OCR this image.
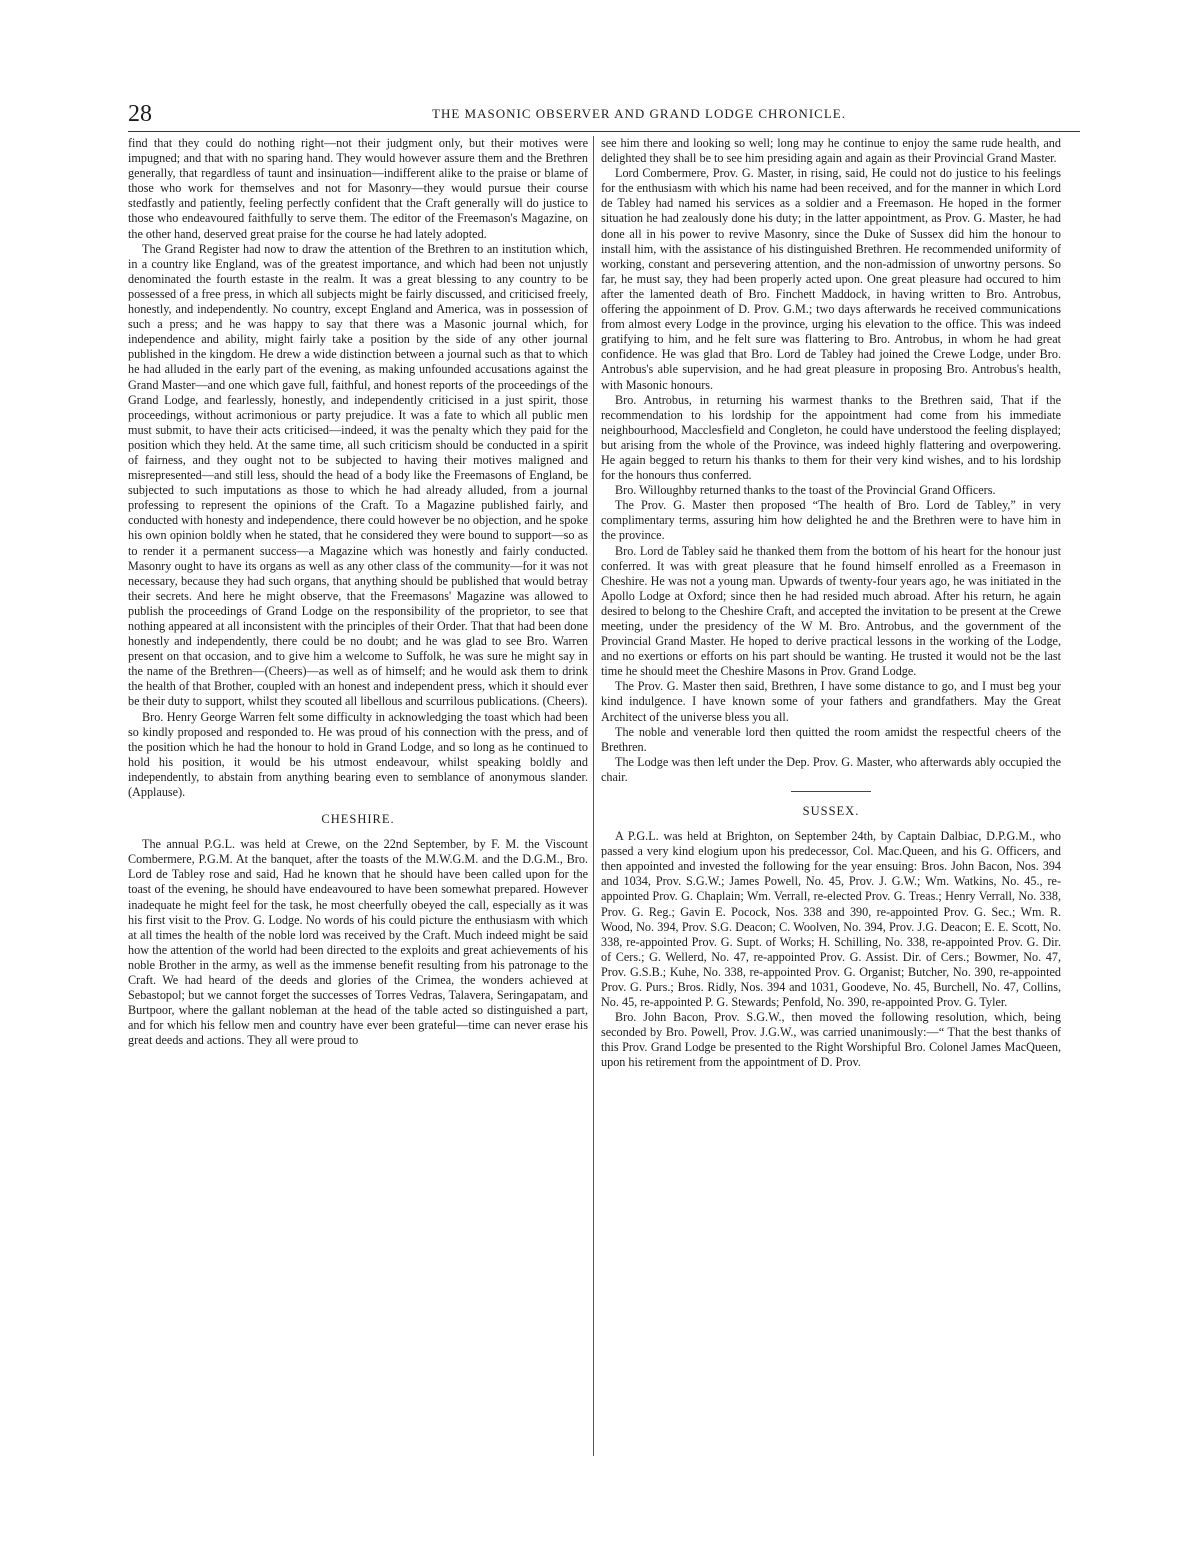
28	THE MASONIC OBSERVER AND GRAND LODGE CHRONICLE.

find that they could do nothing right—not their judgment only, but their motives were impugned; and that with no sparing hand. They would however assure them and the Brethren generally, that regardless of taunt and insinuation—indifferent alike to the praise or blame of those who work for themselves and not for Masonry—they would pursue their course stedfastly and patiently, feeling perfectly confident that the Craft generally will do justice to those who endeavoured faithfully to serve them. The editor of the Freemason's Magazine, on the other hand, deserved great praise for the course he had lately adopted.

The Grand Register had now to draw the attention of the Brethren to an institution which, in a country like England, was of the greatest importance, and which had been not unjustly denominated the fourth estaste in the realm. It was a great blessing to any country to be possessed of a free press, in which all subjects might be fairly discussed, and criticised freely, honestly, and independently. No country, except England and America, was in possession of such a press; and he was happy to say that there was a Masonic journal which, for independence and ability, might fairly take a position by the side of any other journal published in the kingdom. He drew a wide distinction between a journal such as that to which he had alluded in the early part of the evening, as making unfounded accusations against the Grand Master—and one which gave full, faithful, and honest reports of the proceedings of the Grand Lodge, and fearlessly, honestly, and independently criticised in a just spirit, those proceedings, without acrimonious or party prejudice. It was a fate to which all public men must submit, to have their acts criticised—indeed, it was the penalty which they paid for the position which they held. At the same time, all such criticism should be conducted in a spirit of fairness, and they ought not to be subjected to having their motives maligned and misrepresented—and still less, should the head of a body like the Freemasons of England, be subjected to such imputations as those to which he had already alluded, from a journal professing to represent the opinions of the Craft. To a Magazine published fairly, and conducted with honesty and independence, there could however be no objection, and he spoke his own opinion boldly when he stated, that he considered they were bound to support—so as to render it a permanent success—a Magazine which was honestly and fairly conducted. Masonry ought to have its organs as well as any other class of the community—for it was not necessary, because they had such organs, that anything should be published that would betray their secrets. And here he might observe, that the Freemasons' Magazine was allowed to publish the proceedings of Grand Lodge on the responsibility of the proprietor, to see that nothing appeared at all inconsistent with the principles of their Order. That that had been done honestly and independently, there could be no doubt; and he was glad to see Bro. Warren present on that occasion, and to give him a welcome to Suffolk, he was sure he might say in the name of the Brethren—(Cheers)—as well as of himself; and he would ask them to drink the health of that Brother, coupled with an honest and independent press, which it should ever be their duty to support, whilst they scouted all libellous and scurrilous publications. (Cheers).

Bro. Henry George Warren felt some difficulty in acknowledging the toast which had been so kindly proposed and responded to. He was proud of his connection with the press, and of the position which he had the honour to hold in Grand Lodge, and so long as he continued to hold his position, it would be his utmost endeavour, whilst speaking boldly and independently, to abstain from anything bearing even to semblance of anonymous slander. (Applause).

CHESHIRE.

The annual P.G.L. was held at Crewe, on the 22nd September, by F. M. the Viscount Combermere, P.G.M. At the banquet, after the toasts of the M.W.G.M. and the D.G.M., Bro. Lord de Tabley rose and said, Had he known that he should have been called upon for the toast of the evening, he should have endeavoured to have been somewhat prepared. However inadequate he might feel for the task, he most cheerfully obeyed the call, especially as it was his first visit to the Prov. G. Lodge. No words of his could picture the enthusiasm with which at all times the health of the noble lord was received by the Craft. Much indeed might be said how the attention of the world had been directed to the exploits and great achievements of his noble Brother in the army, as well as the immense benefit resulting from his patronage to the Craft. We had heard of the deeds and glories of the Crimea, the wonders achieved at Sebastopol; but we cannot forget the successes of Torres Vedras, Talavera, Seringapatam, and Burtpoor, where the gallant nobleman at the head of the table acted so distinguished a part, and for which his fellow men and country have ever been grateful—time can never erase his great deeds and actions. They all were proud to

see him there and looking so well; long may he continue to enjoy the same rude health, and delighted they shall be to see him presiding again and again as their Provincial Grand Master.

Lord Combermere, Prov. G. Master, in rising, said, He could not do justice to his feelings for the enthusiasm with which his name had been received, and for the manner in which Lord de Tabley had named his services as a soldier and a Freemason. He hoped in the former situation he had zealously done his duty; in the latter appointment, as Prov. G. Master, he had done all in his power to revive Masonry, since the Duke of Sussex did him the honour to install him, with the assistance of his distinguished Brethren. He recommended uniformity of working, constant and persevering attention, and the non-admission of unwortny persons. So far, he must say, they had been properly acted upon. One great pleasure had occured to him after the lamented death of Bro. Finchett Maddock, in having written to Bro. Antrobus, offering the appoinment of D. Prov. G.M.; two days afterwards he received communications from almost every Lodge in the province, urging his elevation to the office. This was indeed gratifying to him, and he felt sure was flattering to Bro. Antrobus, in whom he had great confidence. He was glad that Bro. Lord de Tabley had joined the Crewe Lodge, under Bro. Antrobus's able supervision, and he had great pleasure in proposing Bro. Antrobus's health, with Masonic honours.

Bro. Antrobus, in returning his warmest thanks to the Brethren said, That if the recommendation to his lordship for the appointment had come from his immediate neighbourhood, Macclesfield and Congleton, he could have understood the feeling displayed; but arising from the whole of the Province, was indeed highly flattering and overpowering. He again begged to return his thanks to them for their very kind wishes, and to his lordship for the honours thus conferred.

Bro. Willoughby returned thanks to the toast of the Provincial Grand Officers.

The Prov. G. Master then proposed “The health of Bro. Lord de Tabley,” in very complimentary terms, assuring him how delighted he and the Brethren were to have him in the province.

Bro. Lord de Tabley said he thanked them from the bottom of his heart for the honour just conferred. It was with great pleasure that he found himself enrolled as a Freemason in Cheshire. He was not a young man. Upwards of twenty-four years ago, he was initiated in the Apollo Lodge at Oxford; since then he had resided much abroad. After his return, he again desired to belong to the Cheshire Craft, and accepted the invitation to be present at the Crewe meeting, under the presidency of the W M. Bro. Antrobus, and the government of the Provincial Grand Master. He hoped to derive practical lessons in the working of the Lodge, and no exertions or efforts on his part should be wanting. He trusted it would not be the last time he should meet the Cheshire Masons in Prov. Grand Lodge.

The Prov. G. Master then said, Brethren, I have some distance to go, and I must beg your kind indulgence. I have known some of your fathers and grandfathers. May the Great Architect of the universe bless you all.

The noble and venerable lord then quitted the room amidst the respectful cheers of the Brethren.

The Lodge was then left under the Dep. Prov. G. Master, who afterwards ably occupied the chair.

SUSSEX.

A P.G.L. was held at Brighton, on September 24th, by Captain Dalbiac, D.P.G.M., who passed a very kind elogium upon his predecessor, Col. Mac.Queen, and his G. Officers, and then appointed and invested the following for the year ensuing: Bros. John Bacon, Nos. 394 and 1034, Prov. S.G.W.; James Powell, No. 45, Prov. J. G.W.; Wm. Watkins, No. 45., re-appointed Prov. G. Chaplain; Wm. Verrall, re-elected Prov. G. Treas.; Henry Verrall, No. 338, Prov. G. Reg.; Gavin E. Pocock, Nos. 338 and 390, re-appointed Prov. G. Sec.; Wm. R. Wood, No. 394, Prov. S.G. Deacon; C. Woolven, No. 394, Prov. J.G. Deacon; E. E. Scott, No. 338, re-appointed Prov. G. Supt. of Works; H. Schilling, No. 338, re-appointed Prov. G. Dir. of Cers.; G. Wellerd, No. 47, re-appointed Prov. G. Assist. Dir. of Cers.; Bowmer, No. 47, Prov. G.S.B.; Kuhe, No. 338, re-appointed Prov. G. Organist; Butcher, No. 390, re-appointed Prov. G. Purs.; Bros. Ridly, Nos. 394 and 1031, Goodeve, No. 45, Burchell, No. 47, Collins, No. 45, re-appointed P. G. Stewards; Penfold, No. 390, re-appointed Prov. G. Tyler.

Bro. John Bacon, Prov. S.G.W., then moved the following resolution, which, being seconded by Bro. Powell, Prov. J.G.W., was carried unanimously:—“ That the best thanks of this Prov. Grand Lodge be presented to the Right Worshipful Bro. Colonel James MacQueen, upon his retirement from the appointment of D. Prov.
